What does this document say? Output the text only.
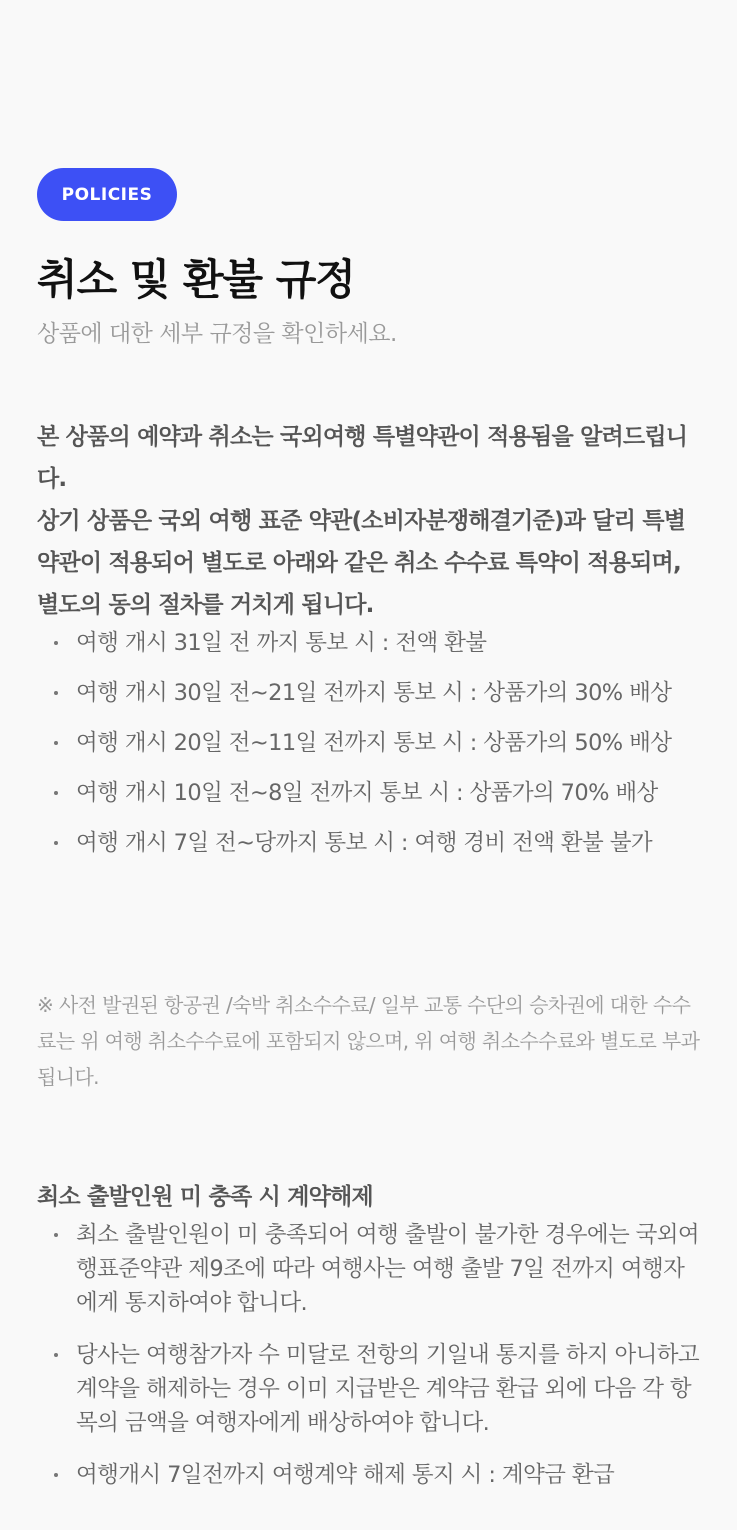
POLICIES
취소 및 환불 규정

상품에 대한 세부 규정을 확인하세요.

본 상품의 예약과 취소는 국외여행 특별약관이 적용됨을 알려드립니다.

상기 상품은 국외 여행 표준 약관(소비자분쟁해결기준)과 달리 특별 약관이 적용되어 별도로 아래와 같은 취소 수수료 특약이 적용되며, 별도의 동의 절차를 거치게 됩니다.

여행 개시 31일 전 까지 통보 시 : 전액 환불
여행 개시 30일 전~21일 전까지 통보 시 : 상품가의 30% 배상
여행 개시 20일 전~11일 전까지 통보 시 : 상품가의 50% 배상
여행 개시 10일 전~8일 전까지 통보 시 : 상품가의 70% 배상
여행 개시 7일 전~당까지 통보 시 : 여행 경비 전액 환불 불가

※ 사전 발권된 항공권 /숙박 취소수수료/ 일부 교통 수단의 승차권에 대한 수수료는 위 여행 취소수수료에 포함되지 않으며, 위 여행 취소수수료와 별도로 부과됩니다.

최소 출발인원 미 충족 시 계약해제
최소 출발인원이 미 충족되어 여행 출발이 불가한 경우에는 국외여행표준약관 제9조에 따라 여행사는 여행 출발 7일 전까지 여행자에게 통지하여야 합니다.
당사는 여행참가자 수 미달로 전항의 기일내 통지를 하지 아니하고 계약을 해제하는 경우 이미 지급받은 계약금 환급 외에 다음 각 항목의 금액을 여행자에게 배상하여야 합니다.
여행개시 7일전까지 여행계약 해제 통지 시 : 계약금 환급
